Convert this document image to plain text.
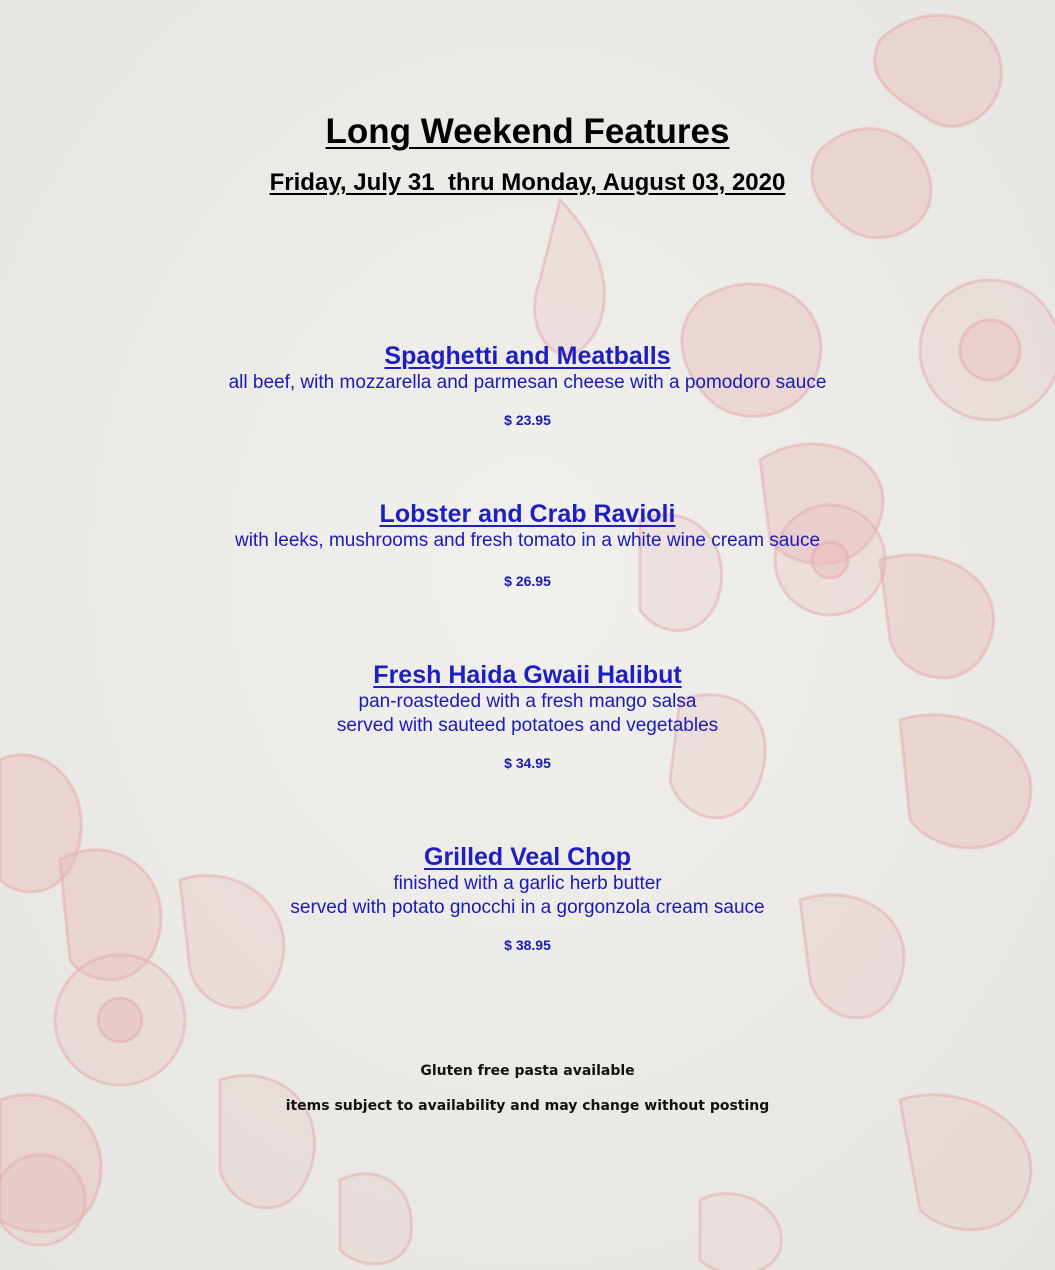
Long Weekend Features
Friday, July 31  thru Monday, August 03, 2020
Spaghetti and Meatballs
all beef, with mozzarella and parmesan cheese with a pomodoro sauce
$ 23.95
Lobster and Crab Ravioli
with leeks, mushrooms and fresh tomato in a white wine cream sauce
$ 26.95
Fresh Haida Gwaii Halibut
pan-roasteded with a fresh mango salsa
served with sauteed potatoes and vegetables
$ 34.95
Grilled Veal Chop
finished with a garlic herb butter
served with potato gnocchi in a gorgonzola cream sauce
$ 38.95
Gluten free pasta available
items subject to availability and may change without posting
